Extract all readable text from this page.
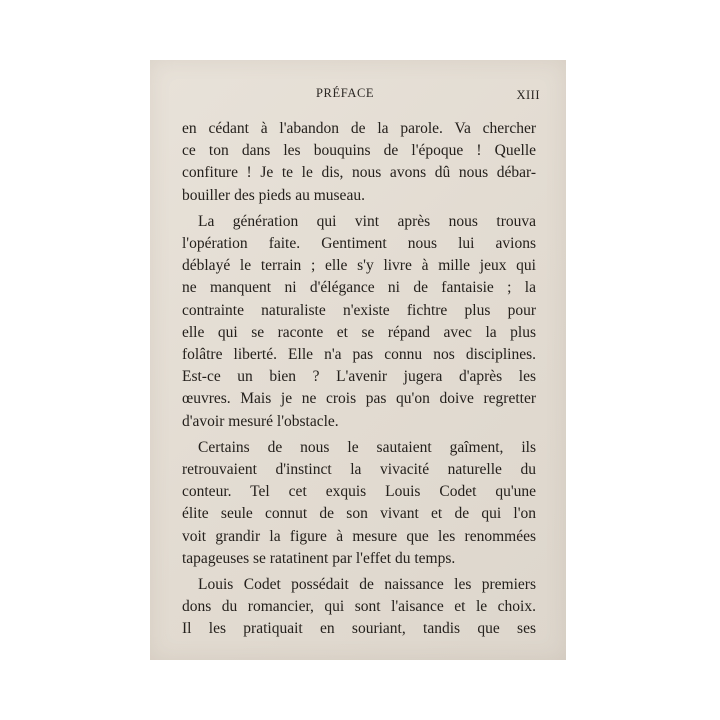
PRÉFACE	XIII
en cédant à l'abandon de la parole. Va chercher
ce ton dans les bouquins de l'époque ! Quelle
confiture ! Je te le dis, nous avons dû nous débar-
bouiller des pieds au museau.
La génération qui vint après nous trouva
l'opération faite. Gentiment nous lui avions
déblayé le terrain ; elle s'y livre à mille jeux qui
ne manquent ni d'élégance ni de fantaisie ; la
contrainte naturaliste n'existe fichtre plus pour
elle qui se raconte et se répand avec la plus
folâtre liberté. Elle n'a pas connu nos disciplines.
Est-ce un bien ? L'avenir jugera d'après les
œuvres. Mais je ne crois pas qu'on doive regretter
d'avoir mesuré l'obstacle.
Certains de nous le sautaient gaîment, ils
retrouvaient d'instinct la vivacité naturelle du
conteur. Tel cet exquis Louis Codet qu'une
élite seule connut de son vivant et de qui l'on
voit grandir la figure à mesure que les renommées
tapageuses se ratatinent par l'effet du temps.
Louis Codet possédait de naissance les premiers
dons du romancier, qui sont l'aisance et le choix.
Il les pratiquait en souriant, tandis que ses
